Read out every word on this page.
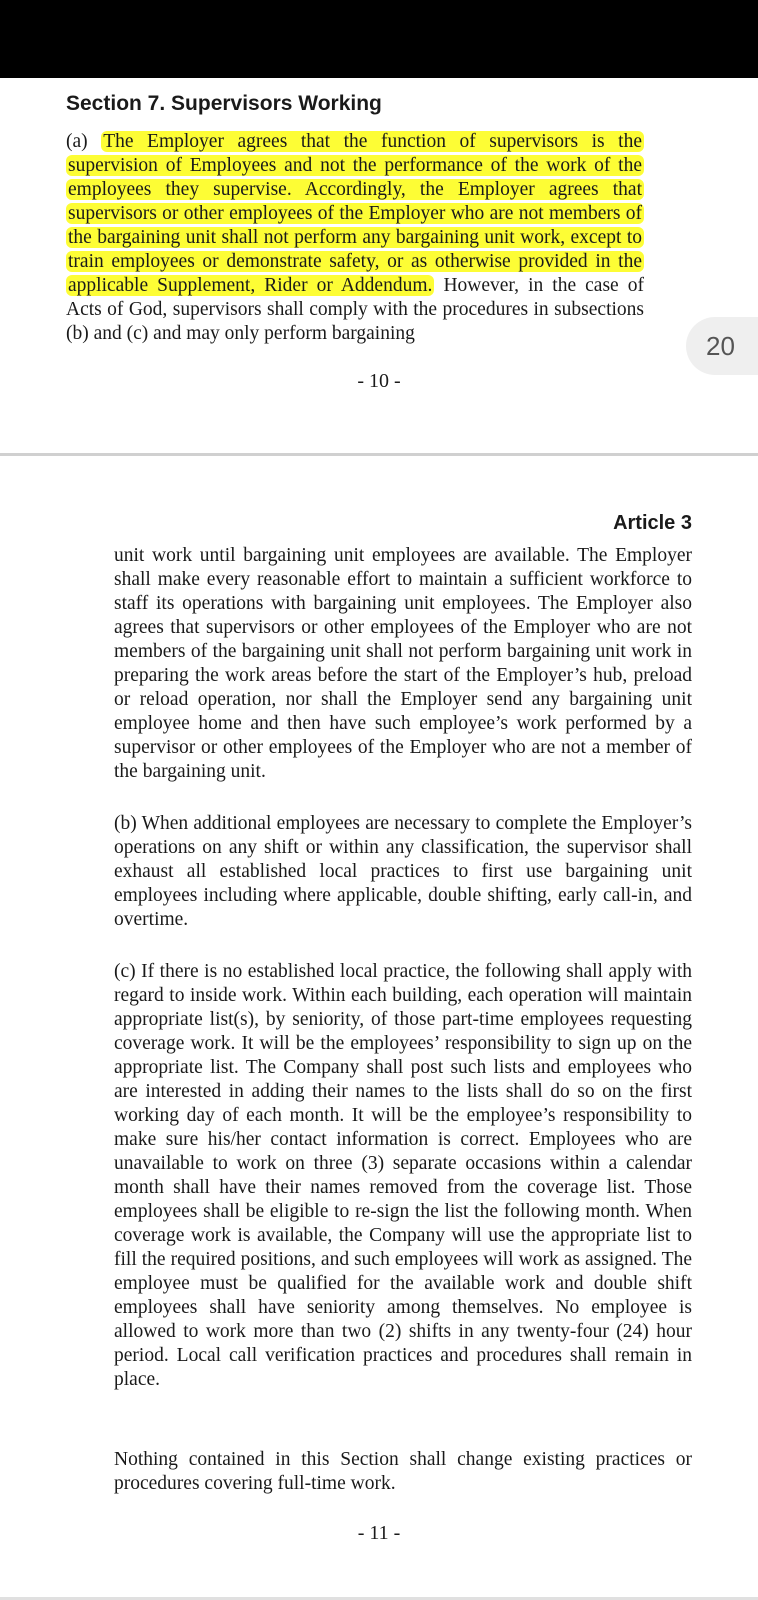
Section 7. Supervisors Working

(a) The Employer agrees that the function of supervisors is the supervision of Employees and not the performance of the work of the employees they supervise. Accordingly, the Employer agrees that supervisors or other employees of the Employer who are not members of the bargaining unit shall not perform any bargaining unit work, except to train employees or demonstrate safety, or as otherwise provided in the applicable Supplement, Rider or Addendum. However, in the case of Acts of God, supervisors shall comply with the procedures in subsections (b) and (c) and may only perform bargaining

- 10 -

20
Article 3

unit work until bargaining unit employees are available. The Employer shall make every reasonable effort to maintain a sufficient workforce to staff its operations with bargaining unit employees. The Employer also agrees that supervisors or other employees of the Employer who are not members of the bargaining unit shall not perform bargaining unit work in preparing the work areas before the start of the Employer’s hub, preload or reload operation, nor shall the Employer send any bargaining unit employee home and then have such employee’s work performed by a supervisor or other employees of the Employer who are not a member of the bargaining unit.

(b) When additional employees are necessary to complete the Employer’s operations on any shift or within any classification, the supervisor shall exhaust all established local practices to first use bargaining unit employees including where applicable, double shifting, early call-in, and overtime.

(c) If there is no established local practice, the following shall apply with regard to inside work. Within each building, each operation will maintain appropriate list(s), by seniority, of those part-time employees requesting coverage work. It will be the employees’ responsibility to sign up on the appropriate list. The Company shall post such lists and employees who are interested in adding their names to the lists shall do so on the first working day of each month. It will be the employee’s responsibility to make sure his/her contact information is correct. Employees who are unavailable to work on three (3) separate occasions within a calendar month shall have their names removed from the coverage list. Those employees shall be eligible to re-sign the list the following month. When coverage work is available, the Company will use the appropriate list to fill the required positions, and such employees will work as assigned. The employee must be qualified for the available work and double shift employees shall have seniority among themselves. No employee is allowed to work more than two (2) shifts in any twenty-four (24) hour period. Local call verification practices and procedures shall remain in place.

Nothing contained in this Section shall change existing practices or procedures covering full-time work.

- 11 -
